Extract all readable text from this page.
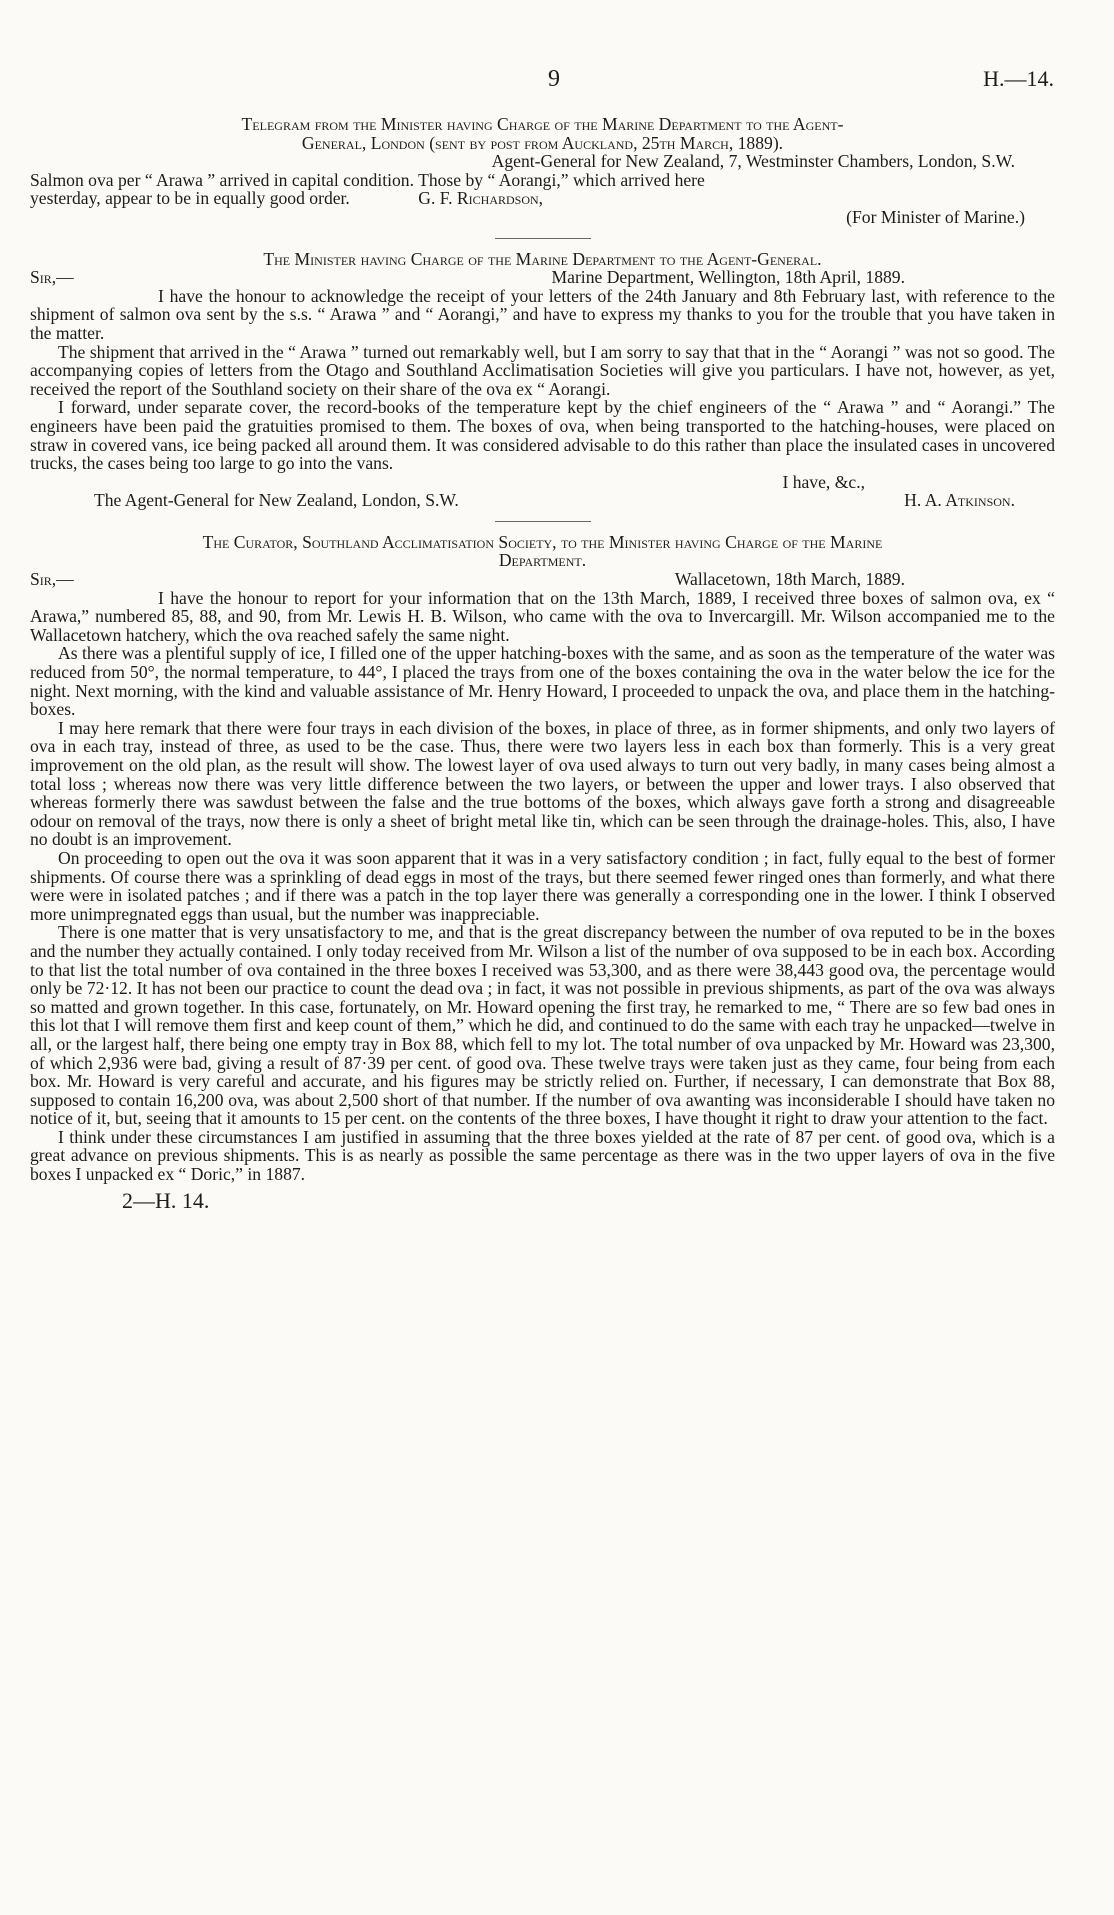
9	H.—14.

Telegram from the Minister having Charge of the Marine Department to the Agent-
General, London (sent by post from Auckland, 25th March, 1889).

Agent-General for New Zealand, 7, Westminster Chambers, London, S.W.

Salmon ova per “ Arawa ” arrived in capital condition. Those by “ Aorangi,” which arrived here
yesterday, appear to be in equally good order.	G. F. Richardson,

(For Minister of Marine.)

The Minister having Charge of the Marine Department to the Agent-General.

Sir,—	Marine Department, Wellington, 18th April, 1889.

I have the honour to acknowledge the receipt of your letters of the 24th January and 8th February last, with reference to the shipment of salmon ova sent by the s.s. “ Arawa ” and “ Aorangi,” and have to express my thanks to you for the trouble that you have taken in the matter.

The shipment that arrived in the “ Arawa ” turned out remarkably well, but I am sorry to say that that in the “ Aorangi ” was not so good. The accompanying copies of letters from the Otago and Southland Acclimatisation Societies will give you particulars. I have not, however, as yet, received the report of the Southland society on their share of the ova ex “ Aorangi.

I forward, under separate cover, the record-books of the temperature kept by the chief engineers of the “ Arawa ” and “ Aorangi.” The engineers have been paid the gratuities promised to them. The boxes of ova, when being transported to the hatching-houses, were placed on straw in covered vans, ice being packed all around them. It was considered advisable to do this rather than place the insulated cases in uncovered trucks, the cases being too large to go into the vans.

I have, &c.,

The Agent-General for New Zealand, London, S.W.	H. A. Atkinson.

The Curator, Southland Acclimatisation Society, to the Minister having Charge of the Marine
Department.

Sir,—	Wallacetown, 18th March, 1889.

I have the honour to report for your information that on the 13th March, 1889, I received three boxes of salmon ova, ex “ Arawa,” numbered 85, 88, and 90, from Mr. Lewis H. B. Wilson, who came with the ova to Invercargill. Mr. Wilson accompanied me to the Wallacetown hatchery, which the ova reached safely the same night.

As there was a plentiful supply of ice, I filled one of the upper hatching-boxes with the same, and as soon as the temperature of the water was reduced from 50°, the normal temperature, to 44°, I placed the trays from one of the boxes containing the ova in the water below the ice for the night. Next morning, with the kind and valuable assistance of Mr. Henry Howard, I proceeded to unpack the ova, and place them in the hatching-boxes.

I may here remark that there were four trays in each division of the boxes, in place of three, as in former shipments, and only two layers of ova in each tray, instead of three, as used to be the case. Thus, there were two layers less in each box than formerly. This is a very great improvement on the old plan, as the result will show. The lowest layer of ova used always to turn out very badly, in many cases being almost a total loss ; whereas now there was very little difference between the two layers, or between the upper and lower trays. I also observed that whereas formerly there was sawdust between the false and the true bottoms of the boxes, which always gave forth a strong and disagreeable odour on removal of the trays, now there is only a sheet of bright metal like tin, which can be seen through the drainage-holes. This, also, I have no doubt is an improvement.

On proceeding to open out the ova it was soon apparent that it was in a very satisfactory condition ; in fact, fully equal to the best of former shipments. Of course there was a sprinkling of dead eggs in most of the trays, but there seemed fewer ringed ones than formerly, and what there were were in isolated patches ; and if there was a patch in the top layer there was generally a corresponding one in the lower. I think I observed more unimpregnated eggs than usual, but the number was inappreciable.

There is one matter that is very unsatisfactory to me, and that is the great discrepancy between the number of ova reputed to be in the boxes and the number they actually contained. I only today received from Mr. Wilson a list of the number of ova supposed to be in each box. According to that list the total number of ova contained in the three boxes I received was 53,300, and as there were 38,443 good ova, the percentage would only be 72·12. It has not been our practice to count the dead ova ; in fact, it was not possible in previous shipments, as part of the ova was always so matted and grown together. In this case, fortunately, on Mr. Howard opening the first tray, he remarked to me, “ There are so few bad ones in this lot that I will remove them first and keep count of them,” which he did, and continued to do the same with each tray he unpacked—twelve in all, or the largest half, there being one empty tray in Box 88, which fell to my lot. The total number of ova unpacked by Mr. Howard was 23,300, of which 2,936 were bad, giving a result of 87·39 per cent. of good ova. These twelve trays were taken just as they came, four being from each box. Mr. Howard is very careful and accurate, and his figures may be strictly relied on. Further, if necessary, I can demonstrate that Box 88, supposed to contain 16,200 ova, was about 2,500 short of that number. If the number of ova awanting was inconsiderable I should have taken no notice of it, but, seeing that it amounts to 15 per cent. on the contents of the three boxes, I have thought it right to draw your attention to the fact.

I think under these circumstances I am justified in assuming that the three boxes yielded at the rate of 87 per cent. of good ova, which is a great advance on previous shipments. This is as nearly as possible the same percentage as there was in the two upper layers of ova in the five boxes I unpacked ex “ Doric,” in 1887.

2—H. 14.
